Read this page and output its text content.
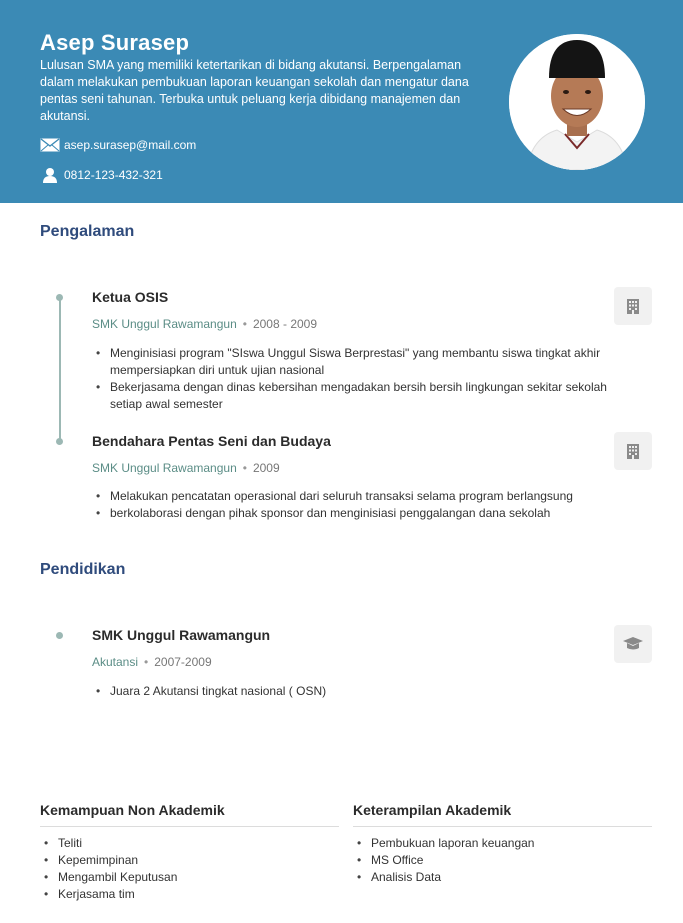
Asep Surasep
Lulusan SMA yang memiliki ketertarikan di bidang akutansi. Berpengalaman dalam melakukan pembukuan laporan keuangan sekolah dan mengatur dana pentas seni tahunan. Terbuka untuk peluang kerja dibidang manajemen dan akutansi.
asep.surasep@mail.com
0812-123-432-321
Pengalaman
Ketua OSIS
SMK Unggul Rawamangun • 2008 - 2009
• Menginisiasi program "SIswa Unggul Siswa Berprestasi" yang membantu siswa tingkat akhir mempersiapkan diri untuk ujian nasional
• Bekerjasama dengan dinas kebersihan mengadakan bersih bersih lingkungan sekitar sekolah setiap awal semester
Bendahara Pentas Seni dan Budaya
SMK Unggul Rawamangun • 2009
• Melakukan pencatatan operasional dari seluruh transaksi selama program berlangsung
• berkolaborasi dengan pihak sponsor dan menginisiasi penggalangan dana sekolah
Pendidikan
SMK Unggul Rawamangun
Akutansi • 2007-2009
• Juara 2 Akutansi tingkat nasional ( OSN)
Kemampuan Non Akademik
• Teliti
• Kepemimpinan
• Mengambil Keputusan
• Kerjasama tim
Keterampilan Akademik
• Pembukuan laporan keuangan
• MS Office
• Analisis Data
